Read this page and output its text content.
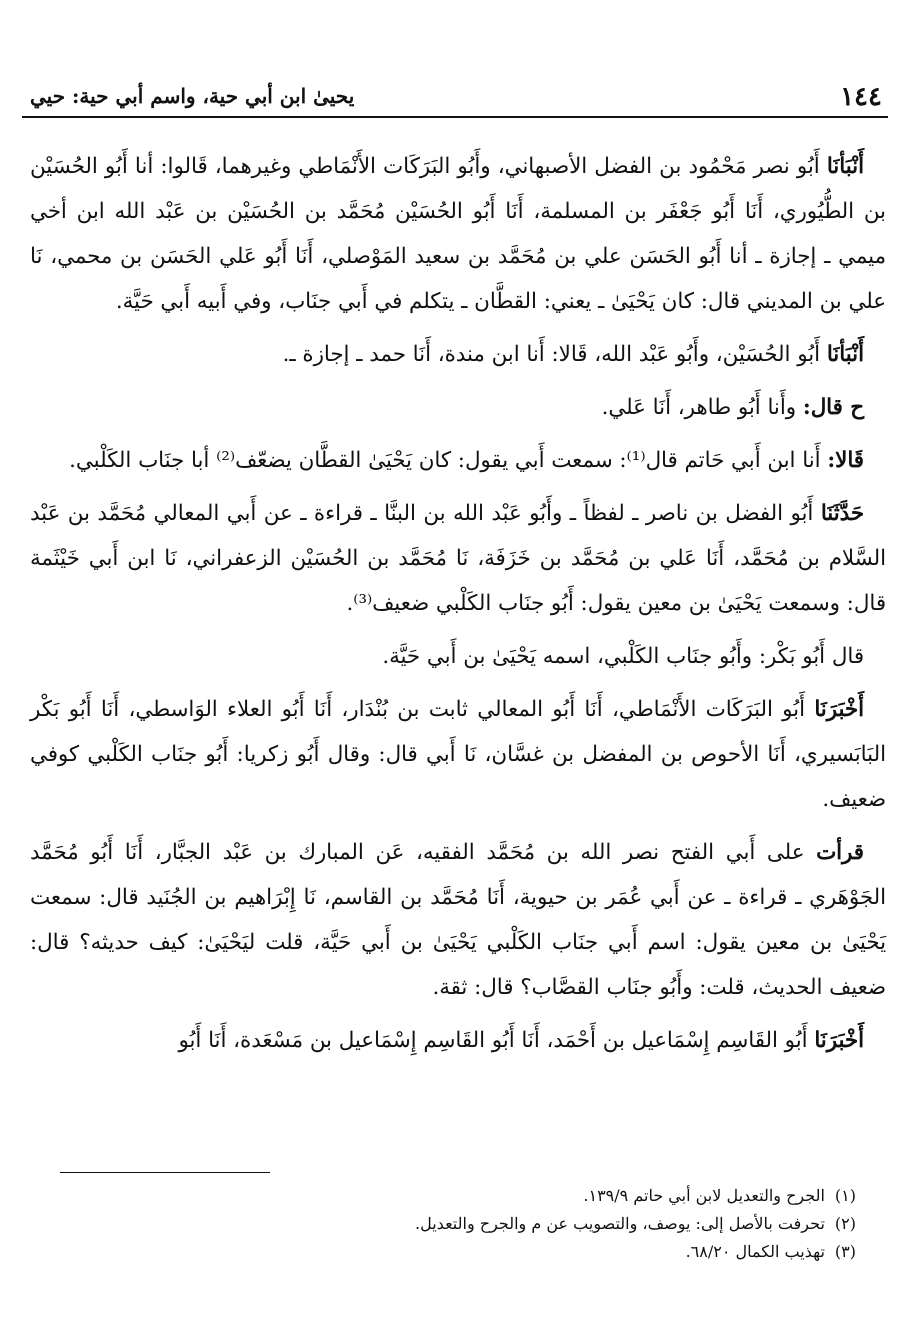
١٤٤
يحيىٰ ابن أبي حية، واسم أبي حية: حيي

أَنْبَأنَا أَبُو نصر مَحْمُود بن الفضل الأصبهاني، وأَبُو البَرَكَات الأَنْمَاطي وغيرهما، قَالوا: أنا أَبُو الحُسَيْن بن الطُّيُوري، أَنَا أَبُو جَعْفَر بن المسلمة، أَنَا أَبُو الحُسَيْن مُحَمَّد بن الحُسَيْن بن عَبْد الله ابن أخي ميمي ـ إجازة ـ أنا أَبُو الحَسَن علي بن مُحَمَّد بن سعيد المَوْصلي، أَنَا أَبُو عَلي الحَسَن بن محمي، نَا علي بن المديني قال: كان يَحْيَىٰ ـ يعني: القطَّان ـ يتكلم في أَبي جنَاب، وفي أَبيه أَبي حَيَّة.

أَنْبَأنَا أَبُو الحُسَيْن، وأَبُو عَبْد الله، قَالا: أَنا ابن مندة، أَنَا حمد ـ إجازة ـ.

ح قال: وأَنا أَبُو طاهر، أَنَا عَلي.

قَالا: أَنا ابن أَبي حَاتم قال⁽¹⁾: سمعت أَبي يقول: كان يَحْيَىٰ القطَّان يضعّف⁽²⁾ أبا جنَاب الكَلْبي.

حَدَّثَنَا أَبُو الفضل بن ناصر ـ لفظاً ـ وأَبُو عَبْد الله بن البنَّا ـ قراءة ـ عن أَبي المعالي مُحَمَّد بن عَبْد السَّلام بن مُحَمَّد، أَنَا عَلي بن مُحَمَّد بن خَزَفَة، نَا مُحَمَّد بن الحُسَيْن الزعفراني، نَا ابن أَبي خَيْثَمة قال: وسمعت يَحْيَىٰ بن معين يقول: أَبُو جنَاب الكَلْبي ضعيف⁽³⁾.

قال أَبُو بَكْر: وأَبُو جنَاب الكَلْبي، اسمه يَحْيَىٰ بن أَبي حَيَّة.

أَخْبَرَنَا أَبُو البَرَكَات الأَنْمَاطي، أَنَا أَبُو المعالي ثابت بن بُنْدَار، أَنَا أَبُو العلاء الوَاسطي، أَنَا أَبُو بَكْر البَابَسيري، أَنَا الأحوص بن المفضل بن غسَّان، نَا أَبي قال: وقال أَبُو زكريا: أَبُو جنَاب الكَلْبي كوفي ضعيف.

قرأت على أَبي الفتح نصر الله بن مُحَمَّد الفقيه، عَن المبارك بن عَبْد الجبَّار، أَنَا أَبُو مُحَمَّد الجَوْهَري ـ قراءة ـ عن أَبي عُمَر بن حيوية، أَنَا مُحَمَّد بن القاسم، نَا إِبْرَاهيم بن الجُنَيد قال: سمعت يَحْيَىٰ بن معين يقول: اسم أَبي جنَاب الكَلْبي يَحْيَىٰ بن أَبي حَيَّة، قلت ليَحْيَىٰ: كيف حديثه؟ قال: ضعيف الحديث، قلت: وأَبُو جنَاب القصَّاب؟ قال: ثقة.

أَخْبَرَنَا أَبُو القَاسِم إِسْمَاعيل بن أَحْمَد، أَنَا أَبُو القَاسِم إِسْمَاعيل بن مَسْعَدة، أَنَا أَبُو

(١)الجرح والتعديل لابن أبي حاتم ١٣٩/٩.

(٢)تحرفت بالأصل إلى: يوصف، والتصويب عن م والجرح والتعديل.

(٣)تهذيب الكمال ٦٨/٢٠.
